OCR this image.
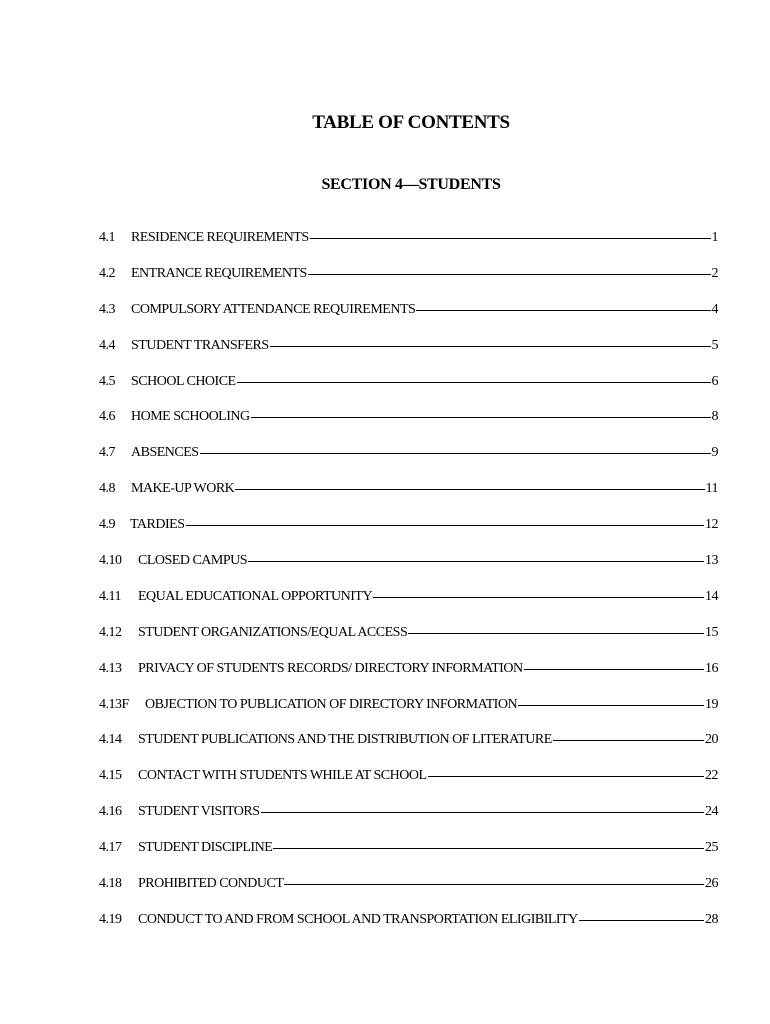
TABLE OF CONTENTS
SECTION 4—STUDENTS
4.1	RESIDENCE REQUIREMENTS	1
4.2	ENTRANCE REQUIREMENTS	2
4.3	COMPULSORY ATTENDANCE REQUIREMENTS	4
4.4	STUDENT TRANSFERS	5
4.5	SCHOOL CHOICE	6
4.6	HOME SCHOOLING	8
4.7	ABSENCES	9
4.8	MAKE-UP WORK	11
4.9	TARDIES	12
4.10	CLOSED CAMPUS	13
4.11	EQUAL EDUCATIONAL OPPORTUNITY	14
4.12	STUDENT ORGANIZATIONS/EQUAL ACCESS	15
4.13	PRIVACY OF STUDENTS RECORDS/ DIRECTORY INFORMATION	16
4.13F	OBJECTION TO PUBLICATION OF DIRECTORY INFORMATION	19
4.14	STUDENT PUBLICATIONS AND THE DISTRIBUTION OF LITERATURE	20
4.15	CONTACT WITH STUDENTS WHILE AT SCHOOL	22
4.16	STUDENT VISITORS	24
4.17	STUDENT DISCIPLINE	25
4.18	PROHIBITED CONDUCT	26
4.19	CONDUCT TO AND FROM SCHOOL AND TRANSPORTATION ELIGIBILITY	28
